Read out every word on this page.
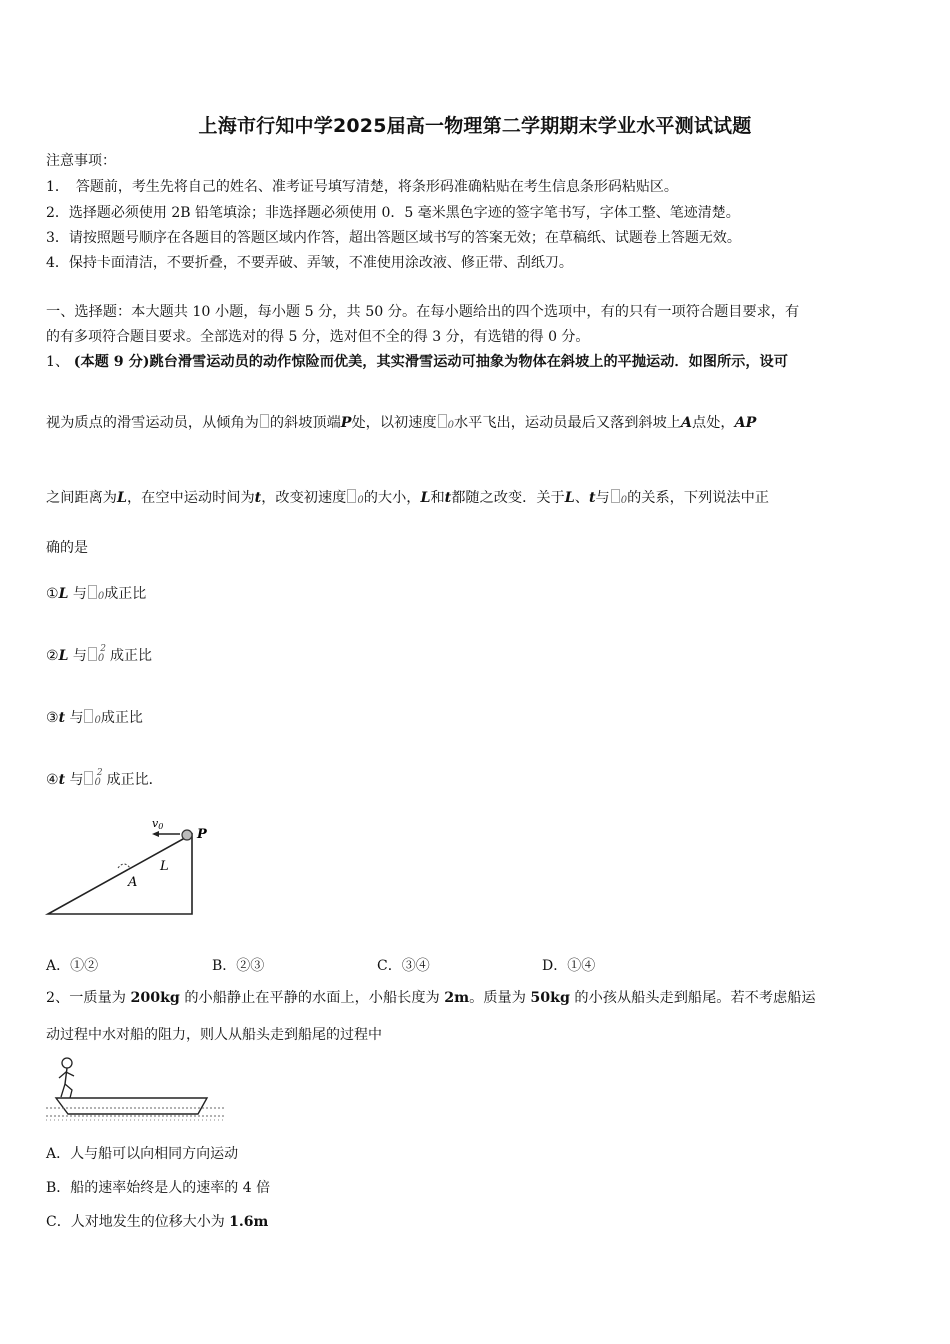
上海市行知中学2025届高一物理第二学期期末学业水平测试试题
注意事项：
1．　答题前，考生先将自己的姓名、准考证号填写清楚，将条形码准确粘贴在考生信息条形码粘贴区。
2．选择题必须使用 2B 铅笔填涂；非选择题必须使用 0．5 毫米黑色字迹的签字笔书写，字体工整、笔迹清楚。
3．请按照题号顺序在各题目的答题区域内作答，超出答题区域书写的答案无效；在草稿纸、试题卷上答题无效。
4．保持卡面清洁，不要折叠，不要弄破、弄皱，不准使用涂改液、修正带、刮纸刀。
一、选择题：本大题共 10 小题，每小题 5 分，共 50 分。在每小题给出的四个选项中，有的只有一项符合题目要求，有
的有多项符合题目要求。全部选对的得 5 分，选对但不全的得 3 分，有选错的得 0 分。
1、 (本题 9 分)跳台滑雪运动员的动作惊险而优美，其实滑雪运动可抽象为物体在斜坡上的平抛运动．如图所示，设可
视为质点的滑雪运动员，从倾角为 的斜坡顶端P处，以初速度 0水平飞出，运动员最后又落到斜坡上A点处，AP
之间距离为L，在空中运动时间为t，改变初速度 0的大小，L和t都随之改变．关于L、t与 0的关系，下列说法中正
确的是
①L 与 0成正比
②L 与 $0^2$ 成正比
③t 与 0成正比
④t 与 $0^2$ 成正比．
v0
P
L
A
A．①②	B．②③	C．③④	D．①④
2、一质量为 200kg 的小船静止在平静的水面上，小船长度为 2m。质量为 50kg 的小孩从船头走到船尾。若不考虑船运
动过程中水对船的阻力，则人从船头走到船尾的过程中
A．人与船可以向相同方向运动
B．船的速率始终是人的速率的 4 倍
C．人对地发生的位移大小为 1.6m
